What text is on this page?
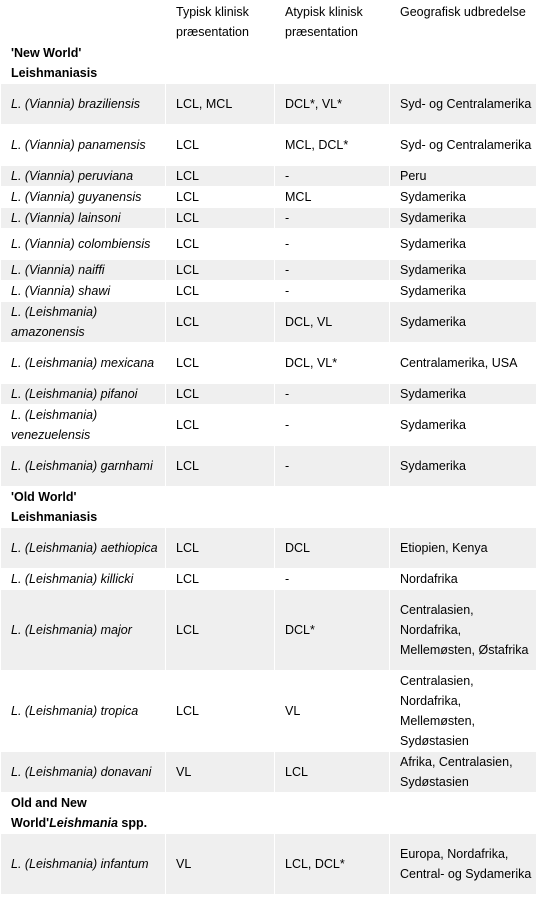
	Typisk klinisk præsentation	Atypisk klinisk præsentation	Geografisk udbredelse
'New World' Leishmaniasis			
L. (Viannia) braziliensis	LCL, MCL	DCL*, VL*	Syd- og Centralamerika
L. (Viannia) panamensis	LCL	MCL, DCL*	Syd- og Centralamerika
L. (Viannia) peruviana	LCL	-	Peru
L. (Viannia) guyanensis	LCL	MCL	Sydamerika
L. (Viannia) lainsoni	LCL	-	Sydamerika
L. (Viannia) colombiensis	LCL	-	Sydamerika
L. (Viannia) naiffi	LCL	-	Sydamerika
L. (Viannia) shawi	LCL	-	Sydamerika
L. (Leishmania) amazonensis	LCL	DCL, VL	Sydamerika
L. (Leishmania) mexicana	LCL	DCL, VL*	Centralamerika, USA
L. (Leishmania) pifanoi	LCL	-	Sydamerika
L. (Leishmania) venezuelensis	LCL	-	Sydamerika
L. (Leishmania) garnhami	LCL	-	Sydamerika
'Old World' Leishmaniasis			
L. (Leishmania) aethiopica	LCL	DCL	Etiopien, Kenya
L. (Leishmania) killicki	LCL	-	Nordafrika
L. (Leishmania) major	LCL	DCL*	Centralasien, Nordafrika, Mellemøsten, Østafrika
L. (Leishmania) tropica	LCL	VL	Centralasien, Nordafrika, Mellemøsten, Sydøstasien
L. (Leishmania) donavani	VL	LCL	Afrika, Centralasien, Sydøstasien
Old and New World'Leishmania spp.			
L. (Leishmania) infantum	VL	LCL, DCL*	Europa, Nordafrika, Central- og Sydamerika
